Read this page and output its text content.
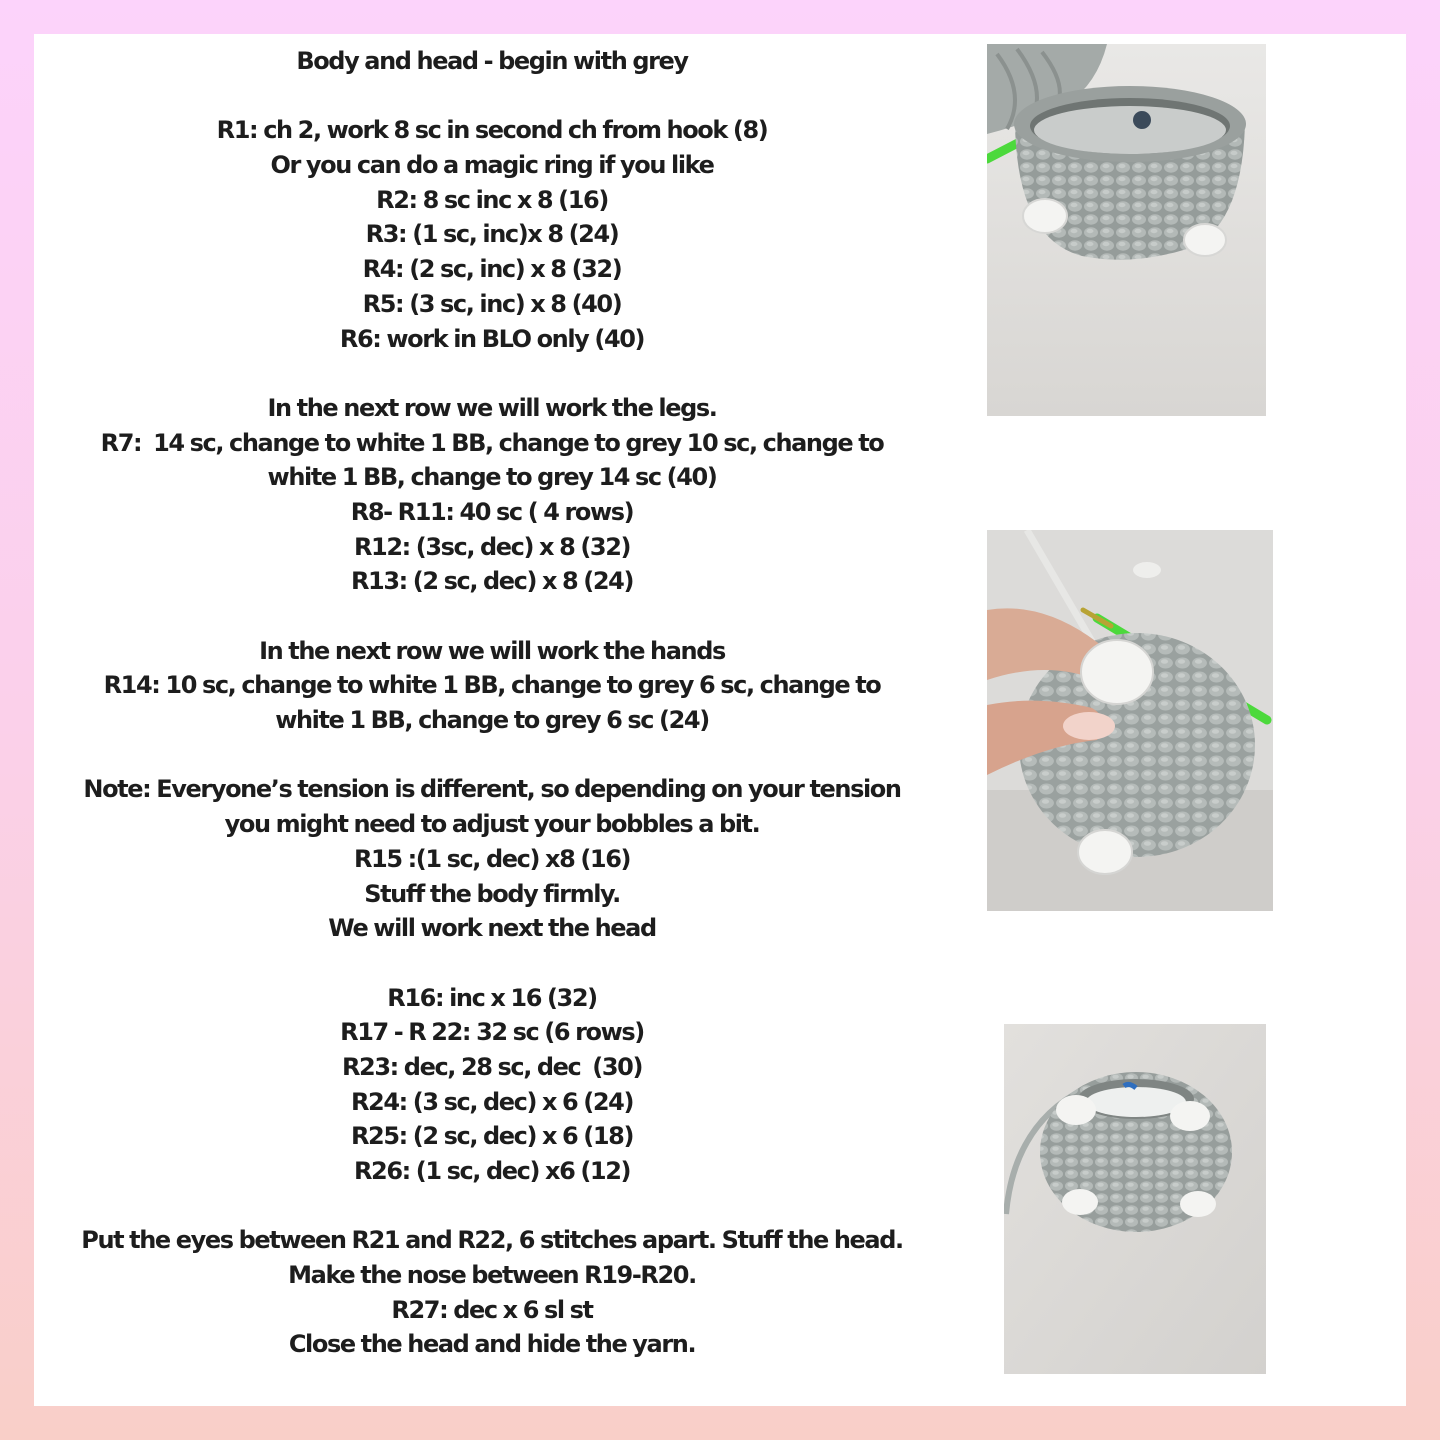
Body and head - begin with grey
R1: ch 2, work 8 sc in second ch from hook (8)
Or you can do a magic ring if you like
R2: 8 sc inc x 8 (16)
R3: (1 sc, inc)x 8 (24)
R4: (2 sc, inc) x 8 (32)
R5: (3 sc, inc) x 8 (40)
R6: work in BLO only (40)
In the next row we will work the legs.
R7:  14 sc, change to white 1 BB, change to grey 10 sc, change to
white 1 BB, change to grey 14 sc (40)
R8- R11: 40 sc ( 4 rows)
R12: (3sc, dec) x 8 (32)
R13: (2 sc, dec) x 8 (24)
In the next row we will work the hands
R14: 10 sc, change to white 1 BB, change to grey 6 sc, change to
white 1 BB, change to grey 6 sc (24)
Note: Everyone’s tension is different, so depending on your tension
you might need to adjust your bobbles a bit.
R15 :(1 sc, dec) x8 (16)
Stuff the body firmly.
We will work next the head
R16: inc x 16 (32)
R17 - R 22: 32 sc (6 rows)
R23: dec, 28 sc, dec  (30)
R24: (3 sc, dec) x 6 (24)
R25: (2 sc, dec) x 6 (18)
R26: (1 sc, dec) x6 (12)
Put the eyes between R21 and R22, 6 stitches apart. Stuff the head.
Make the nose between R19-R20.
R27: dec x 6 sl st
Close the head and hide the yarn.
